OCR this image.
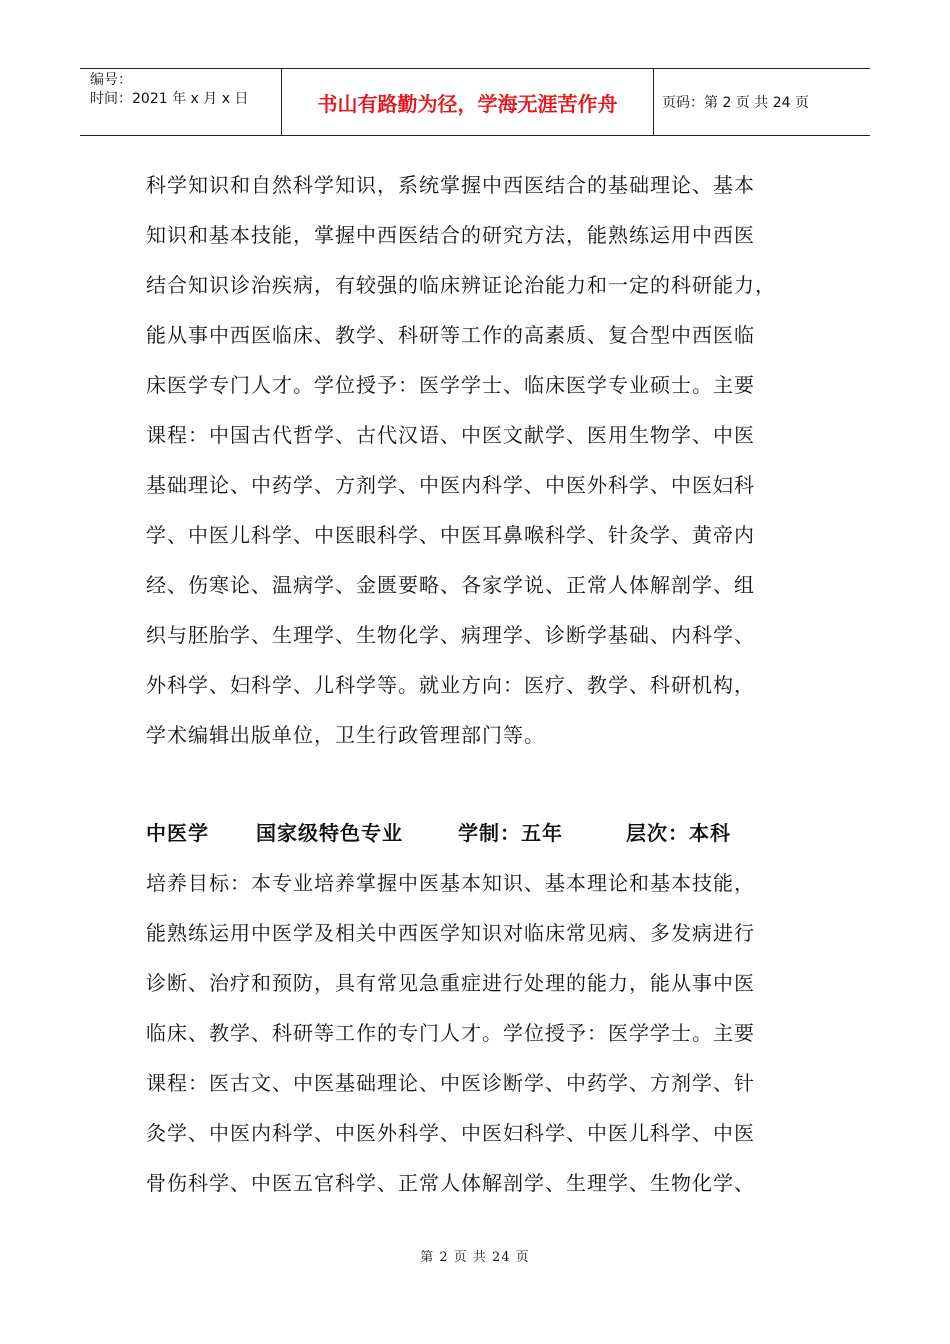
编号：
时间：2021 年 x 月 x 日	书山有路勤为径，学海无涯苦作舟	页码：第 2 页 共 24 页
科学知识和自然科学知识，系统掌握中西医结合的基础理论、基本
知识和基本技能，掌握中西医结合的研究方法，能熟练运用中西医
结合知识诊治疾病，有较强的临床辨证论治能力和一定的科研能力，
能从事中西医临床、教学、科研等工作的高素质、复合型中西医临
床医学专门人才。学位授予：医学学士、临床医学专业硕士。主要
课程：中国古代哲学、古代汉语、中医文献学、医用生物学、中医
基础理论、中药学、方剂学、中医内科学、中医外科学、中医妇科
学、中医儿科学、中医眼科学、中医耳鼻喉科学、针灸学、黄帝内
经、伤寒论、温病学、金匮要略、各家学说、正常人体解剖学、组
织与胚胎学、生理学、生物化学、病理学、诊断学基础、内科学、
外科学、妇科学、儿科学等。就业方向：医疗、教学、科研机构，
学术编辑出版单位，卫生行政管理部门等。
中医学	国家级特色专业	学制：五年	层次：本科
培养目标：本专业培养掌握中医基本知识、基本理论和基本技能，
能熟练运用中医学及相关中西医学知识对临床常见病、多发病进行
诊断、治疗和预防，具有常见急重症进行处理的能力，能从事中医
临床、教学、科研等工作的专门人才。学位授予：医学学士。主要
课程：医古文、中医基础理论、中医诊断学、中药学、方剂学、针
灸学、中医内科学、中医外科学、中医妇科学、中医儿科学、中医
骨伤科学、中医五官科学、正常人体解剖学、生理学、生物化学、
第 2 页 共 24 页
